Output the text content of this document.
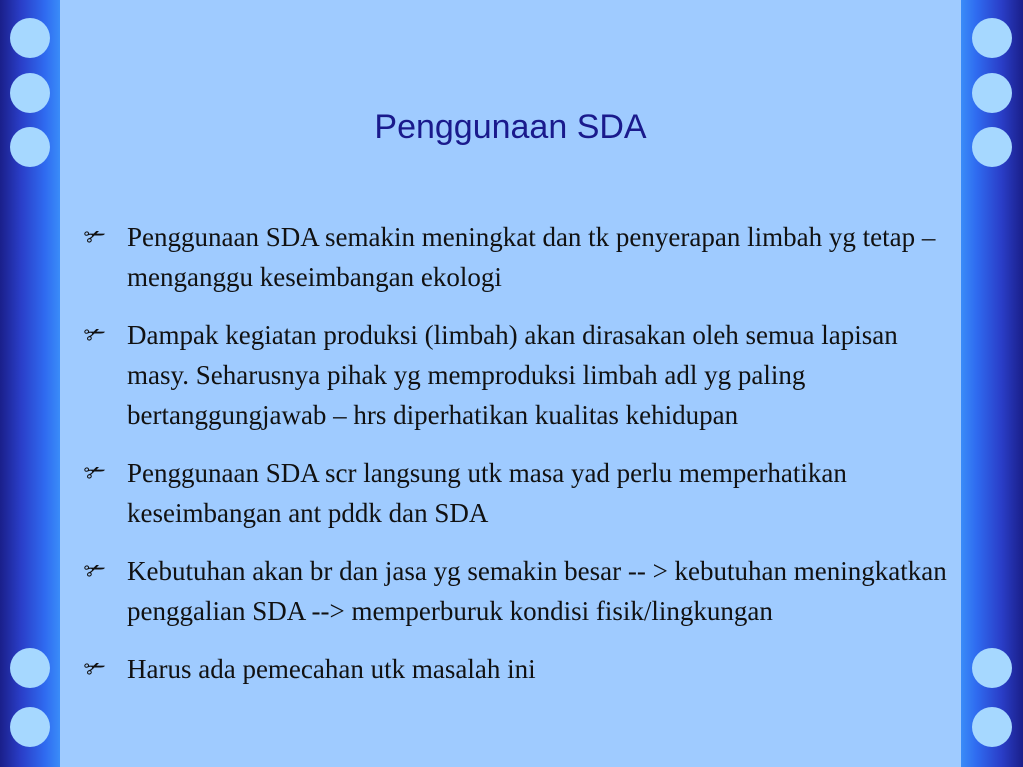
Penggunaan SDA
✃ Penggunaan SDA semakin meningkat dan tk penyerapan limbah yg tetap – menganggu keseimbangan ekologi
✃ Dampak kegiatan produksi (limbah) akan dirasakan oleh semua lapisan masy. Seharusnya pihak yg memproduksi limbah adl yg paling bertanggungjawab – hrs diperhatikan kualitas kehidupan
✃ Penggunaan SDA scr langsung utk masa yad perlu memperhatikan keseimbangan ant pddk dan SDA
✃ Kebutuhan akan br dan jasa yg semakin besar -- > kebutuhan meningkatkan penggalian SDA --> memperburuk kondisi fisik/lingkungan
✃ Harus ada pemecahan utk masalah ini
